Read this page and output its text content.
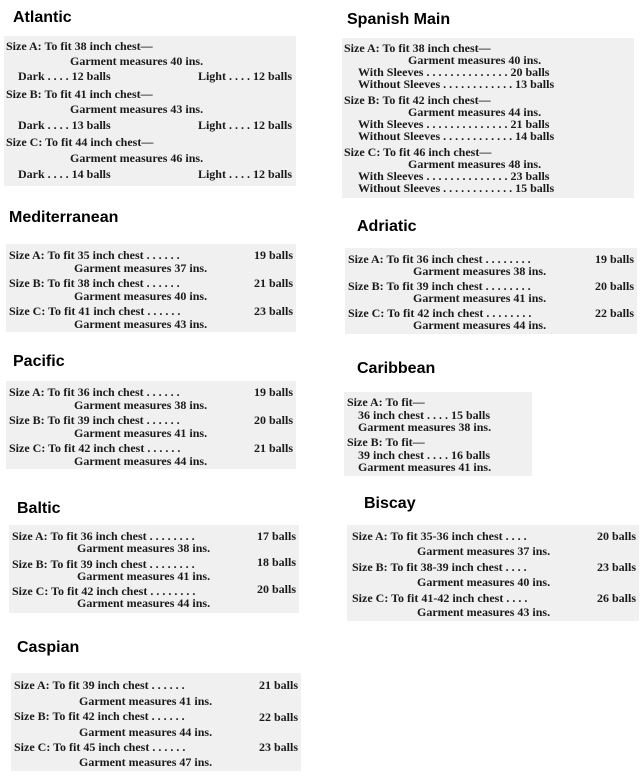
Atlantic
Size A: To fit 38 inch chest—
Garment measures 40 ins.
Dark . . . . 12 balls	Light . . . . 12 balls
Size B: To fit 41 inch chest—
Garment measures 43 ins.
Dark . . . . 13 balls	Light . . . . 12 balls
Size C: To fit 44 inch chest—
Garment measures 46 ins.
Dark . . . . 14 balls	Light . . . . 12 balls
Spanish Main
Size A: To fit 38 inch chest—
Garment measures 40 ins.
With Sleeves . . . . . . . . . . . . . . 20 balls
Without Sleeves . . . . . . . . . . . . 13 balls
Size B: To fit 42 inch chest—
Garment measures 44 ins.
With Sleeves . . . . . . . . . . . . . . 21 balls
Without Sleeves . . . . . . . . . . . . 14 balls
Size C: To fit 46 inch chest—
Garment measures 48 ins.
With Sleeves . . . . . . . . . . . . . . 23 balls
Without Sleeves . . . . . . . . . . . . 15 balls
Mediterranean
Size A: To fit 35 inch chest . . . . . .	19 balls
Garment measures 37 ins.
Size B: To fit 38 inch chest . . . . . .	21 balls
Garment measures 40 ins.
Size C: To fit 41 inch chest . . . . . .	23 balls
Garment measures 43 ins.
Adriatic
Size A: To fit 36 inch chest . . . . . . . .	19 balls
Garment measures 38 ins.
Size B: To fit 39 inch chest . . . . . . . .	20 balls
Garment measures 41 ins.
Size C: To fit 42 inch chest . . . . . . . .	22 balls
Garment measures 44 ins.
Pacific
Size A: To fit 36 inch chest . . . . . .	19 balls
Garment measures 38 ins.
Size B: To fit 39 inch chest . . . . . .	20 balls
Garment measures 41 ins.
Size C: To fit 42 inch chest . . . . . .	21 balls
Garment measures 44 ins.
Caribbean
Size A: To fit—
36 inch chest . . . . 15 balls
Garment measures 38 ins.
Size B: To fit—
39 inch chest . . . . 16 balls
Garment measures 41 ins.
Baltic
Size A: To fit 36 inch chest . . . . . . . .	17 balls
Garment measures 38 ins.
Size B: To fit 39 inch chest . . . . . . . .	18 balls
Garment measures 41 ins.
Size C: To fit 42 inch chest . . . . . . . .	20 balls
Garment measures 44 ins.
Biscay
Size A: To fit 35-36 inch chest . . . .	20 balls
Garment measures 37 ins.
Size B: To fit 38-39 inch chest . . . .	23 balls
Garment measures 40 ins.
Size C: To fit 41-42 inch chest . . . .	26 balls
Garment measures 43 ins.
Caspian
Size A: To fit 39 inch chest . . . . . .	21 balls
Garment measures 41 ins.
Size B: To fit 42 inch chest . . . . . .	22 balls
Garment measures 44 ins.
Size C: To fit 45 inch chest . . . . . .	23 balls
Garment measures 47 ins.
